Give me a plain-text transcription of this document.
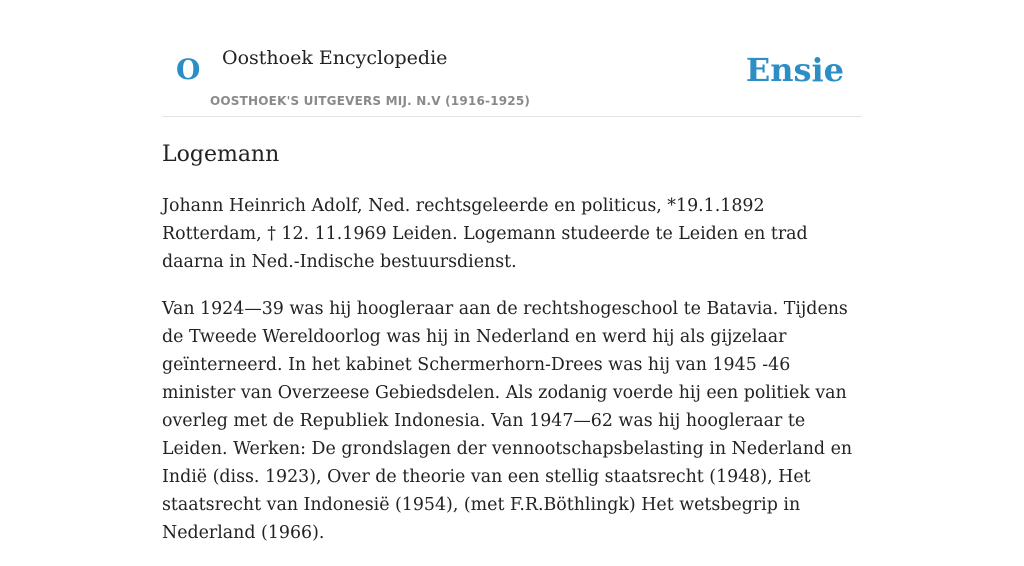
O Oosthoek Encyclopedie
OOSTHOEK'S UITGEVERS MIJ. N.V (1916-1925)
Ensie
Logemann

Johann Heinrich Adolf, Ned. rechtsgeleerde en politicus, *19.1.1892 Rotterdam, † 12. 11.1969 Leiden. Logemann studeerde te Leiden en trad daarna in Ned.-Indische bestuursdienst.

Van 1924—39 was hij hoogleraar aan de rechtshogeschool te Batavia. Tijdens de Tweede Wereldoorlog was hij in Nederland en werd hij als gijzelaar geïnterneerd. In het kabinet Schermerhorn-Drees was hij van 1945 -46 minister van Overzeese Gebiedsdelen. Als zodanig voerde hij een politiek van overleg met de Republiek Indonesia. Van 1947—62 was hij hoogleraar te Leiden. Werken: De grondslagen der vennootschapsbelasting in Nederland en Indië (diss. 1923), Over de theorie van een stellig staatsrecht (1948), Het staatsrecht van Indonesië (1954), (met F.R.Böthlingk) Het wetsbegrip in Nederland (1966).
